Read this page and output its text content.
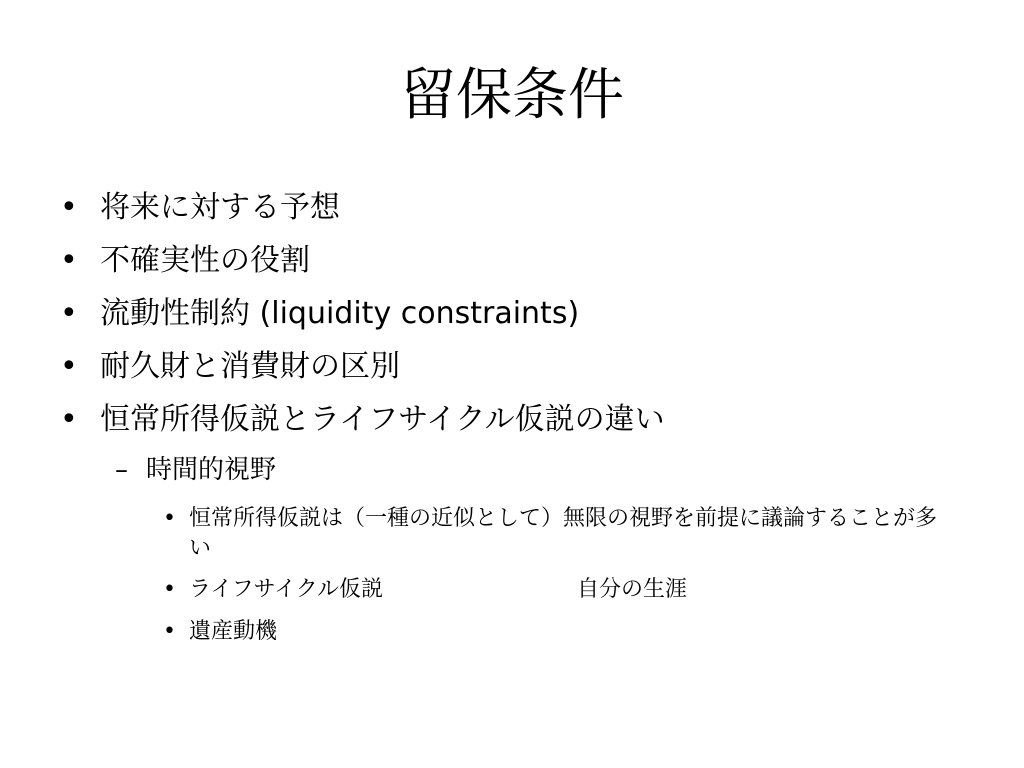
留保条件
• 将来に対する予想
• 不確実性の役割
• 流動性制約 (liquidity constraints)
• 耐久財と消費財の区別
• 恒常所得仮説とライフサイクル仮説の違い
– 時間的視野
• 恒常所得仮説は（一種の近似として）無限の視野を前提に議論することが多い
• ライフサイクル仮説	自分の生涯
• 遺産動機
